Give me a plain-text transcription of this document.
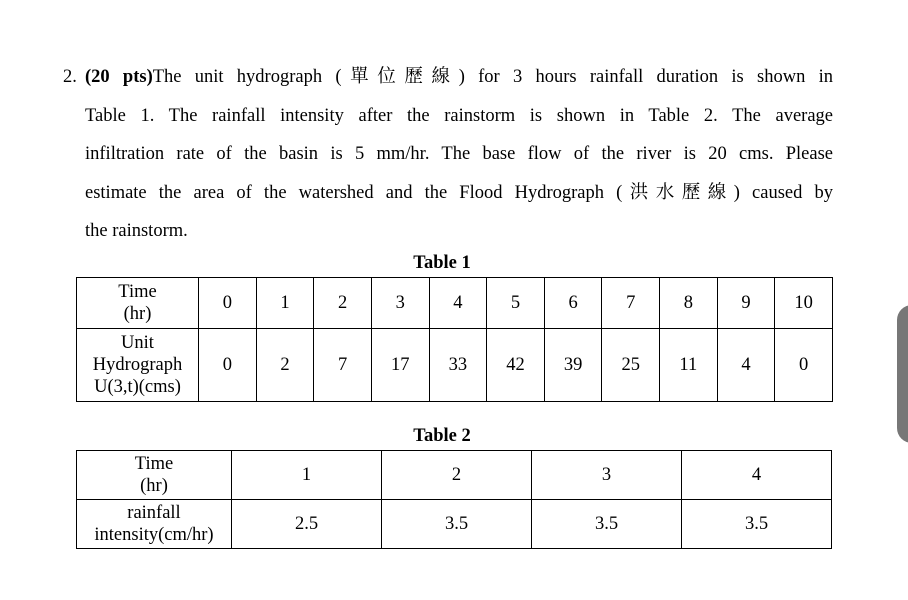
2. (20 pts)The unit hydrograph (單位歷線) for 3 hours rainfall duration is shown in
Table 1. The rainfall intensity after the rainstorm is shown in Table 2. The average
infiltration rate of the basin is 5 mm/hr. The base flow of the river is 20 cms. Please
estimate the area of the watershed and the Flood Hydrograph (洪水歷線) caused by
the rainstorm.
Table 1
Time
(hr)	0	1	2	3	4	5	6	7	8	9	10

Unit
Hydrograph
U(3,t)(cms)	0	2	7	17	33	42	39	25	11	4	0
Table 2
Time
(hr)	1	2	3	4

rainfall
intensity(cm/hr)	2.5	3.5	3.5	3.5
